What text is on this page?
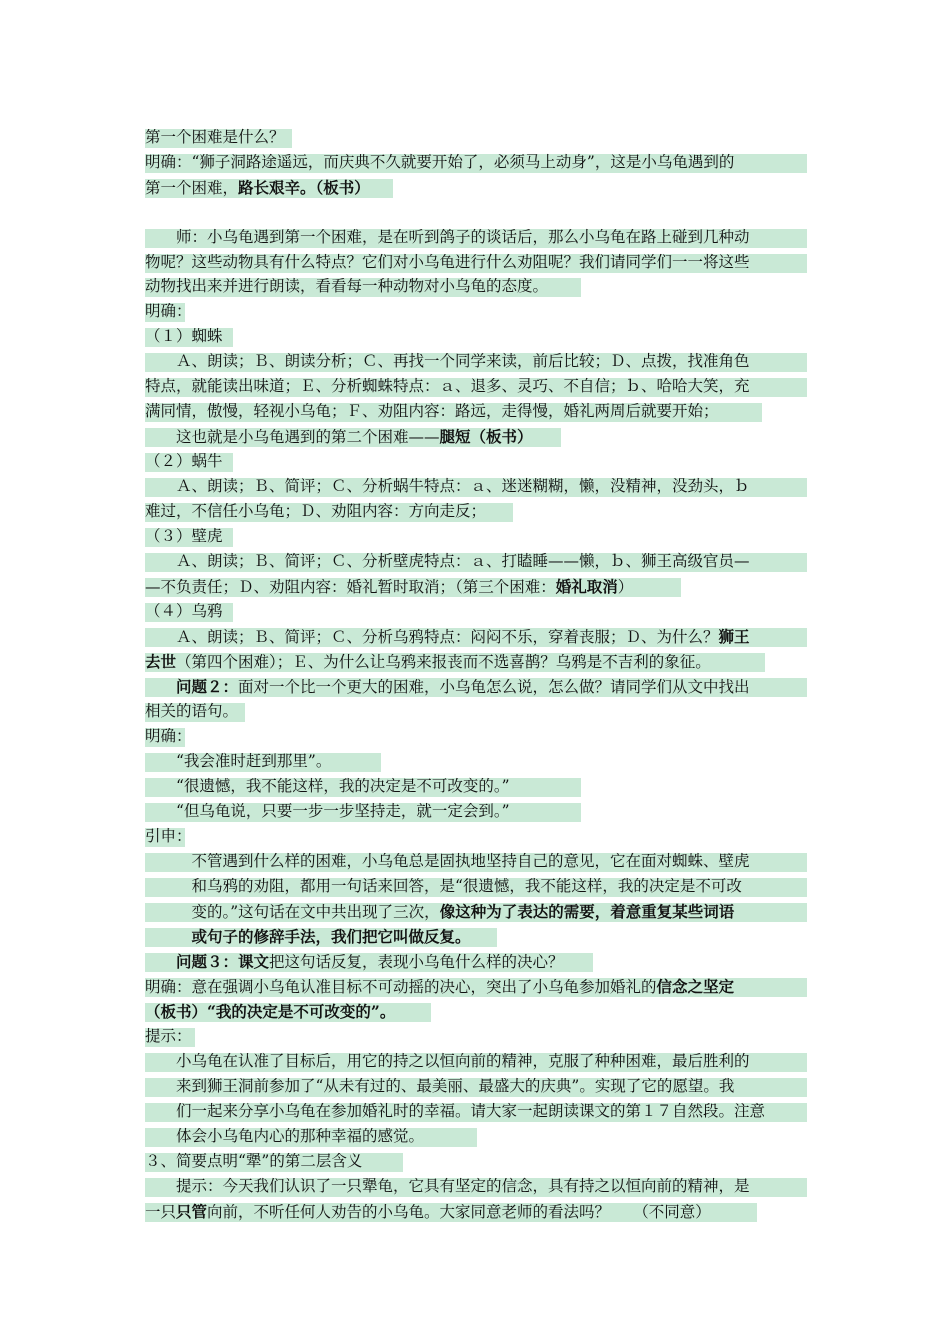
第一个困难是什么？
明确：“狮子洞路途遥远，而庆典不久就要开始了，必须马上动身”，这是小乌龟遇到的
第一个困难，路长艰辛。（板书）
　　师：小乌龟遇到第一个困难，是在听到鸽子的谈话后，那么小乌龟在路上碰到几种动
物呢？这些动物具有什么特点？它们对小乌龟进行什么劝阻呢？我们请同学们一一将这些
动物找出来并进行朗读，看看每一种动物对小乌龟的态度。
明确：
（１）蜘蛛
　　Ａ、朗读；Ｂ、朗读分析；Ｃ、再找一个同学来读，前后比较；Ｄ、点拨，找准角色
特点，就能读出味道；Ｅ、分析蜘蛛特点：ａ、退多、灵巧、不自信；ｂ、哈哈大笑，充
满同情，傲慢，轻视小乌龟；Ｆ、劝阻内容：路远，走得慢，婚礼两周后就要开始；
　　这也就是小乌龟遇到的第二个困难——腿短（板书）
（２）蜗牛
　　Ａ、朗读；Ｂ、简评；Ｃ、分析蜗牛特点：ａ、迷迷糊糊，懒，没精神，没劲头，ｂ
难过，不信任小乌龟；Ｄ、劝阻内容：方向走反；
（３）壁虎
　　Ａ、朗读；Ｂ、简评；Ｃ、分析壁虎特点：ａ、打瞌睡——懒，ｂ、狮王高级官员—
—不负责任；Ｄ、劝阻内容：婚礼暂时取消；（第三个困难：婚礼取消）
（４）乌鸦
　　Ａ、朗读；Ｂ、简评；Ｃ、分析乌鸦特点：闷闷不乐，穿着丧服；Ｄ、为什么？狮王
去世（第四个困难）；Ｅ、为什么让乌鸦来报丧而不选喜鹊？乌鸦是不吉利的象征。
　　问题２：面对一个比一个更大的困难，小乌龟怎么说，怎么做？请同学们从文中找出
相关的语句。
明确：
　　“我会准时赶到那里”。
　　“很遗憾，我不能这样，我的决定是不可改变的。”
　　“但乌龟说，只要一步一步坚持走，就一定会到。”
引申：
　　　不管遇到什么样的困难，小乌龟总是固执地坚持自己的意见，它在面对蜘蛛、壁虎
　　　和乌鸦的劝阻，都用一句话来回答，是“很遗憾，我不能这样，我的决定是不可改
　　　变的。”这句话在文中共出现了三次，像这种为了表达的需要，着意重复某些词语
　　　或句子的修辞手法，我们把它叫做反复。
　　问题３：课文把这句话反复，表现小乌龟什么样的决心？
明确：意在强调小乌龟认准目标不可动摇的决心，突出了小乌龟参加婚礼的信念之坚定
（板书）“我的决定是不可改变的”。
提示：
　　小乌龟在认准了目标后，用它的持之以恒向前的精神，克服了种种困难，最后胜利的
　　来到狮王洞前参加了“从未有过的、最美丽、最盛大的庆典”。实现了它的愿望。我
　　们一起来分享小乌龟在参加婚礼时的幸福。请大家一起朗读课文的第１７自然段。注意
　　体会小乌龟内心的那种幸福的感觉。
３、简要点明“犟”的第二层含义
　　提示：今天我们认识了一只犟龟，它具有坚定的信念，具有持之以恒向前的精神，是
一只只管向前，不听任何人劝告的小乌龟。大家同意老师的看法吗？　　（不同意）
